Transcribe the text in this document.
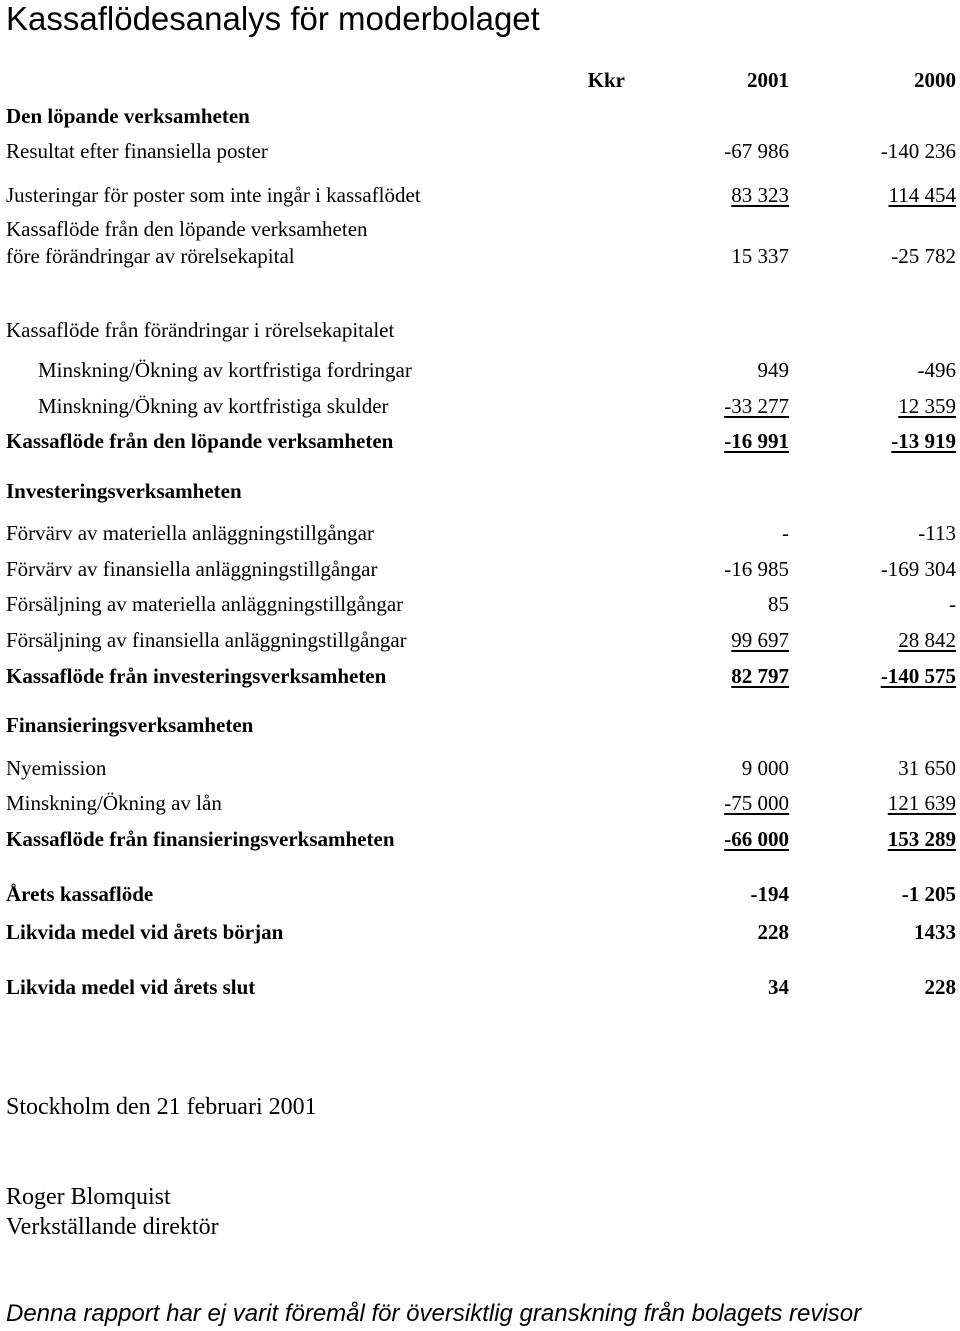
Kassaflödesanalys för moderbolaget
Kkr	2001	2000
Den löpande verksamheten
Resultat efter finansiella poster	-67 986	-140 236
Justeringar för poster som inte ingår i kassaflödet	83 323	114 454
Kassaflöde från den löpande verksamheten
före förändringar av rörelsekapital	15 337	-25 782
Kassaflöde från förändringar i rörelsekapitalet
Minskning/Ökning av kortfristiga fordringar	949	-496
Minskning/Ökning av kortfristiga skulder	-33 277	12 359
Kassaflöde från den löpande verksamheten	-16 991	-13 919
Investeringsverksamheten
Förvärv av materiella anläggningstillgångar	-	-113
Förvärv av finansiella anläggningstillgångar	-16 985	-169 304
Försäljning av materiella anläggningstillgångar	85	-
Försäljning av finansiella anläggningstillgångar	99 697	28 842
Kassaflöde från investeringsverksamheten	82 797	-140 575
Finansieringsverksamheten
Nyemission	9 000	31 650
Minskning/Ökning av lån	-75 000	121 639
Kassaflöde från finansieringsverksamheten	-66 000	153 289
Årets kassaflöde	-194	-1 205
Likvida medel vid årets början	228	1433
Likvida medel vid årets slut	34	228
Stockholm den 21 februari 2001
Roger Blomquist
Verkställande direktör
Denna rapport har ej varit föremål för översiktlig granskning från bolagets revisor
